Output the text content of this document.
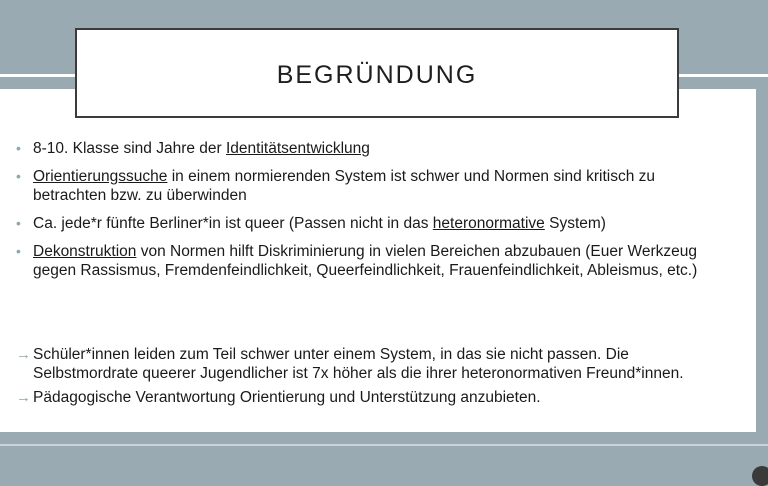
• 8-10. Klasse sind Jahre der Identitätsentwicklung
• Orientierungssuche in einem normierenden System ist schwer und Normen sind kritisch zu betrachten bzw. zu überwinden
• Ca. jede*r fünfte Berliner*in ist queer (Passen nicht in das heteronormative System)
• Dekonstruktion von Normen hilft Diskriminierung in vielen Bereichen abzubauen (Euer Werkzeug gegen Rassismus, Fremdenfeindlichkeit, Queerfeindlichkeit, Frauenfeindlichkeit, Ableismus, etc.)
→ Schüler*innen leiden zum Teil schwer unter einem System, in das sie nicht passen. Die Selbstmordrate queerer Jugendlicher ist 7x höher als die ihrer heteronormativen Freund*innen.
→ Pädagogische Verantwortung Orientierung und Unterstützung anzubieten.
BEGRÜNDUNG
